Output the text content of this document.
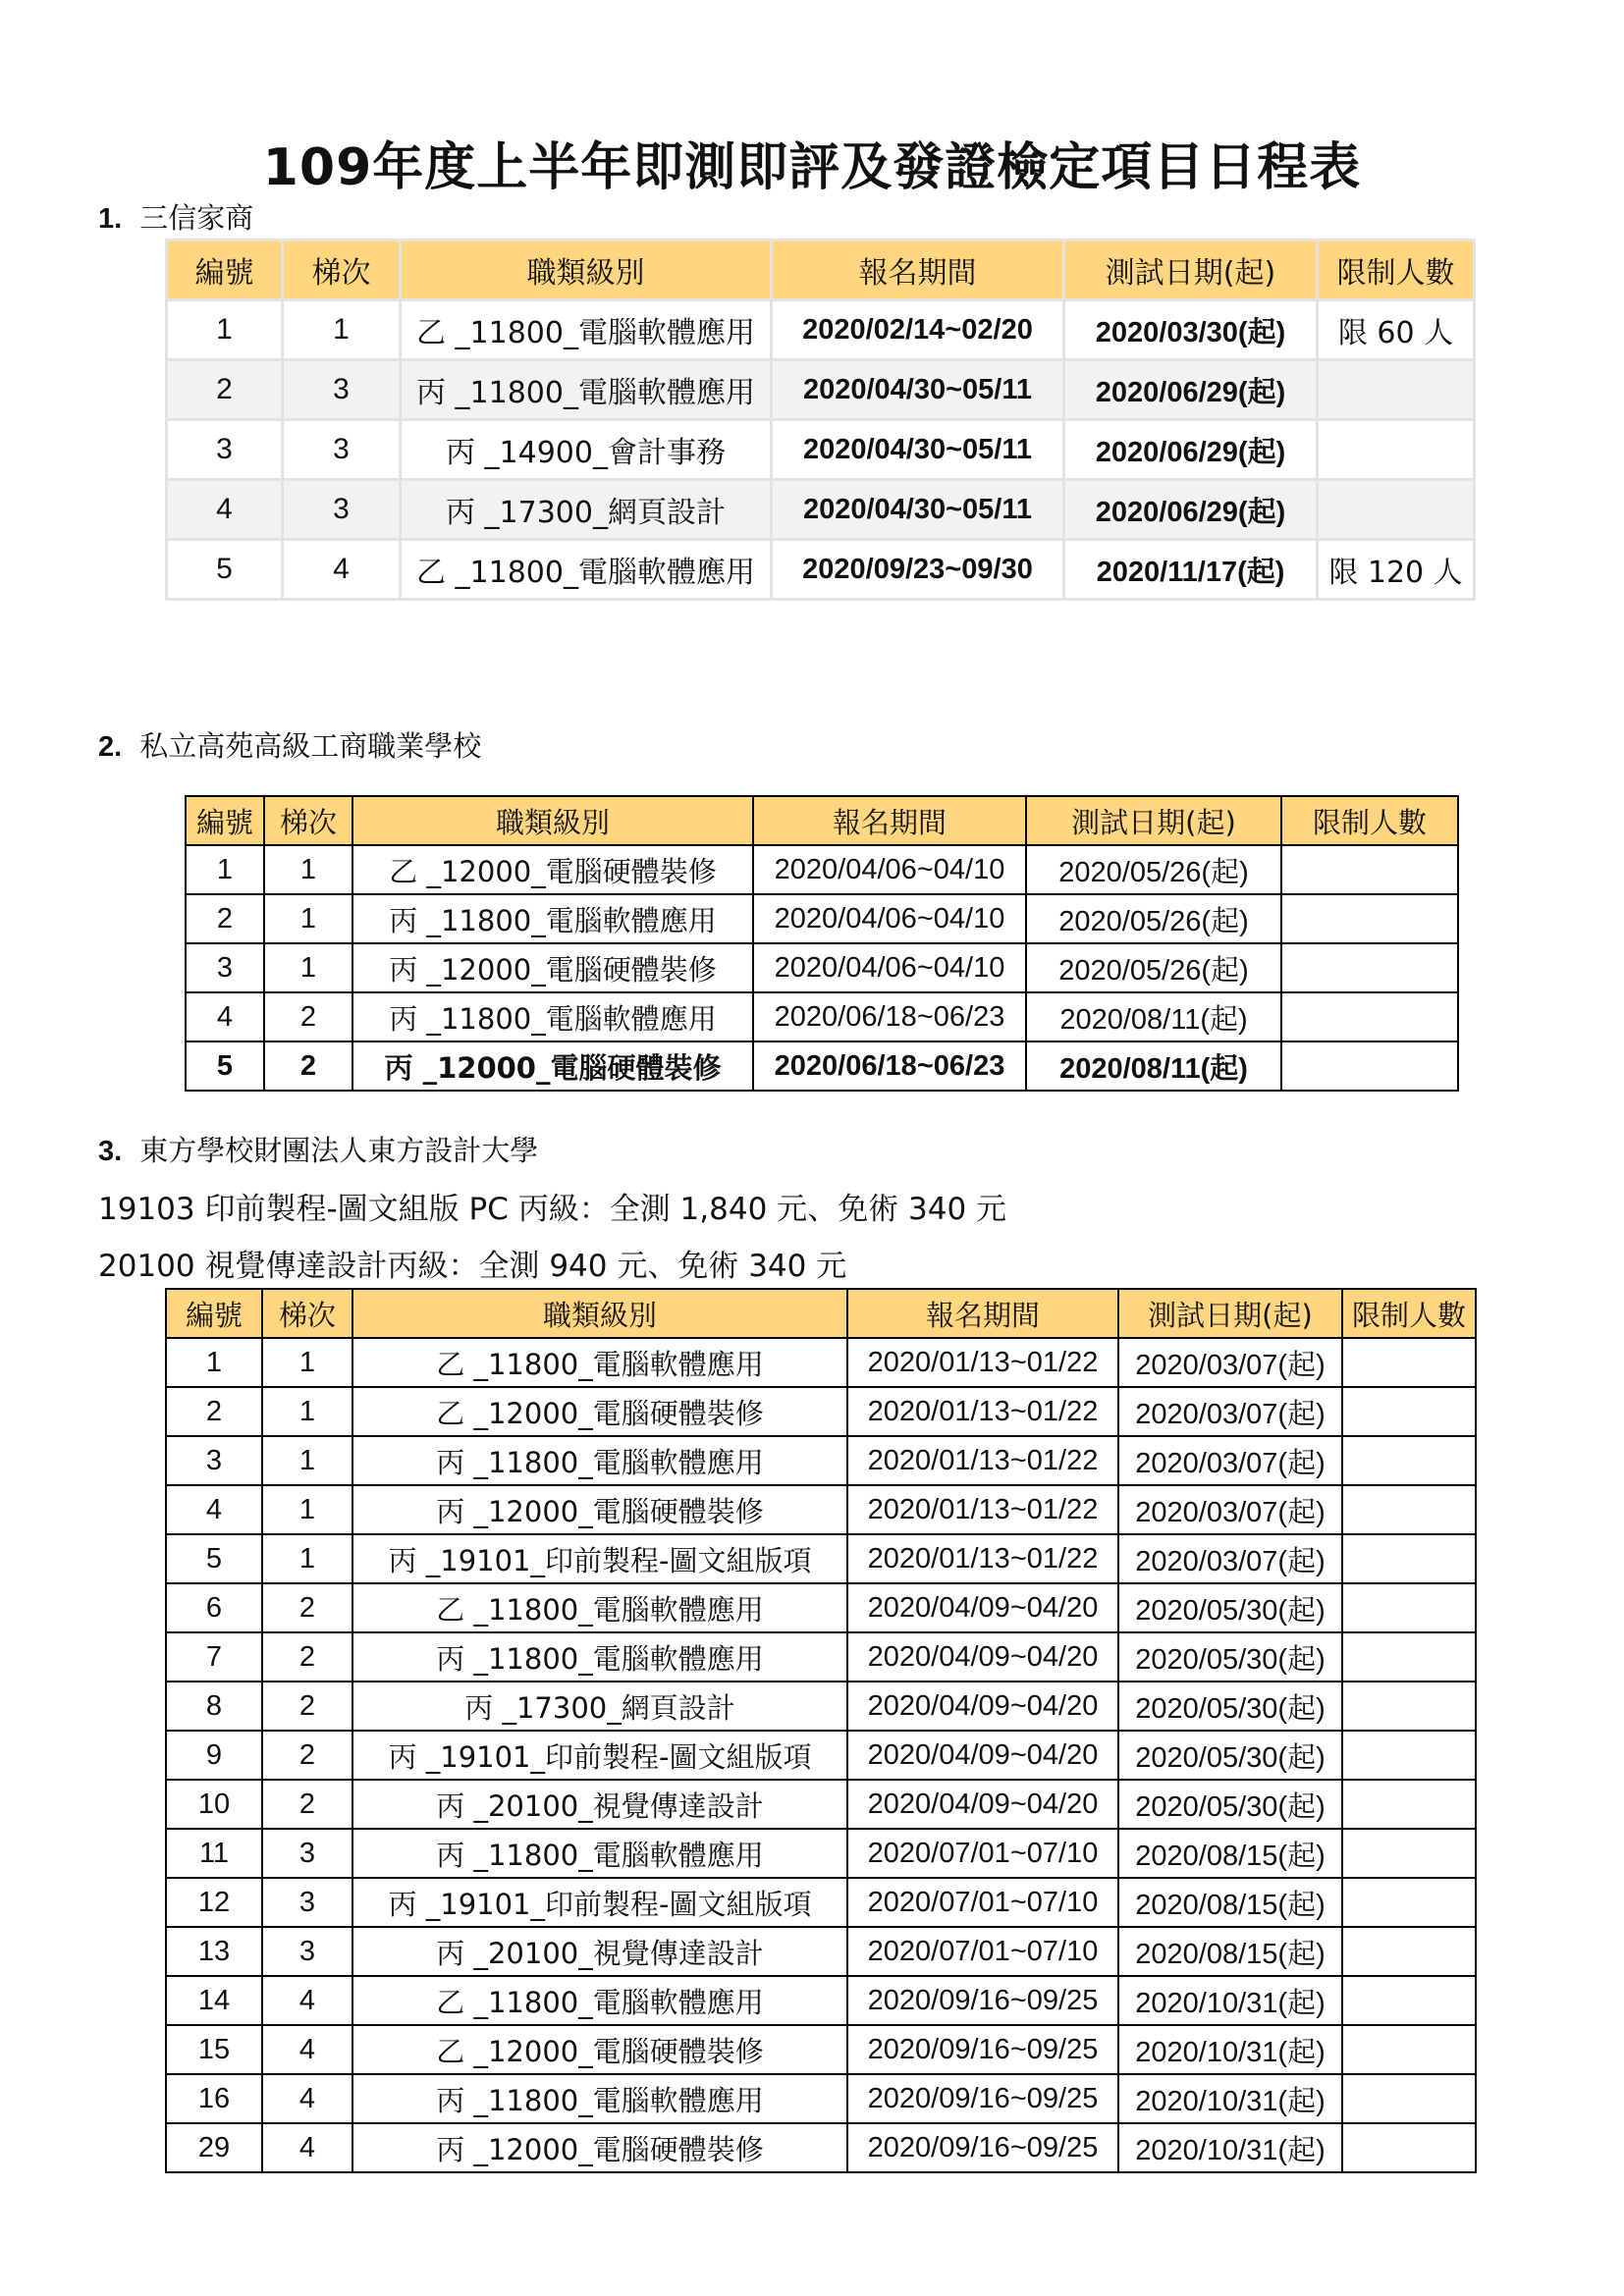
109年度上半年即測即評及發證檢定項目日程表
1. 三信家商
編號	梯次	職類級別	報名期間	測試日期(起)	限制人數
1	1	乙 _11800_電腦軟體應用	2020/02/14~02/20	2020/03/30(起)	限 60 人
2	3	丙 _11800_電腦軟體應用	2020/04/30~05/11	2020/06/29(起)	
3	3	丙 _14900_會計事務	2020/04/30~05/11	2020/06/29(起)	
4	3	丙 _17300_網頁設計	2020/04/30~05/11	2020/06/29(起)	
5	4	乙 _11800_電腦軟體應用	2020/09/23~09/30	2020/11/17(起)	限 120 人
2. 私立高苑高級工商職業學校
編號	梯次	職類級別	報名期間	測試日期(起)	限制人數
1	1	乙 _12000_電腦硬體裝修	2020/04/06~04/10	2020/05/26(起)	
2	1	丙 _11800_電腦軟體應用	2020/04/06~04/10	2020/05/26(起)	
3	1	丙 _12000_電腦硬體裝修	2020/04/06~04/10	2020/05/26(起)	
4	2	丙 _11800_電腦軟體應用	2020/06/18~06/23	2020/08/11(起)	
5	2	丙 _12000_電腦硬體裝修	2020/06/18~06/23	2020/08/11(起)	
3. 東方學校財團法人東方設計大學
19103 印前製程-圖文組版 PC 丙級：全測 1,840 元、免術 340 元
20100 視覺傳達設計丙級：全測 940 元、免術 340 元
編號	梯次	職類級別	報名期間	測試日期(起)	限制人數
1	1	乙 _11800_電腦軟體應用	2020/01/13~01/22	2020/03/07(起)	
2	1	乙 _12000_電腦硬體裝修	2020/01/13~01/22	2020/03/07(起)	
3	1	丙 _11800_電腦軟體應用	2020/01/13~01/22	2020/03/07(起)	
4	1	丙 _12000_電腦硬體裝修	2020/01/13~01/22	2020/03/07(起)	
5	1	丙 _19101_印前製程-圖文組版項	2020/01/13~01/22	2020/03/07(起)	
6	2	乙 _11800_電腦軟體應用	2020/04/09~04/20	2020/05/30(起)	
7	2	丙 _11800_電腦軟體應用	2020/04/09~04/20	2020/05/30(起)	
8	2	丙 _17300_網頁設計	2020/04/09~04/20	2020/05/30(起)	
9	2	丙 _19101_印前製程-圖文組版項	2020/04/09~04/20	2020/05/30(起)	
10	2	丙 _20100_視覺傳達設計	2020/04/09~04/20	2020/05/30(起)	
11	3	丙 _11800_電腦軟體應用	2020/07/01~07/10	2020/08/15(起)	
12	3	丙 _19101_印前製程-圖文組版項	2020/07/01~07/10	2020/08/15(起)	
13	3	丙 _20100_視覺傳達設計	2020/07/01~07/10	2020/08/15(起)	
14	4	乙 _11800_電腦軟體應用	2020/09/16~09/25	2020/10/31(起)	
15	4	乙 _12000_電腦硬體裝修	2020/09/16~09/25	2020/10/31(起)	
16	4	丙 _11800_電腦軟體應用	2020/09/16~09/25	2020/10/31(起)	
29	4	丙 _12000_電腦硬體裝修	2020/09/16~09/25	2020/10/31(起)	
